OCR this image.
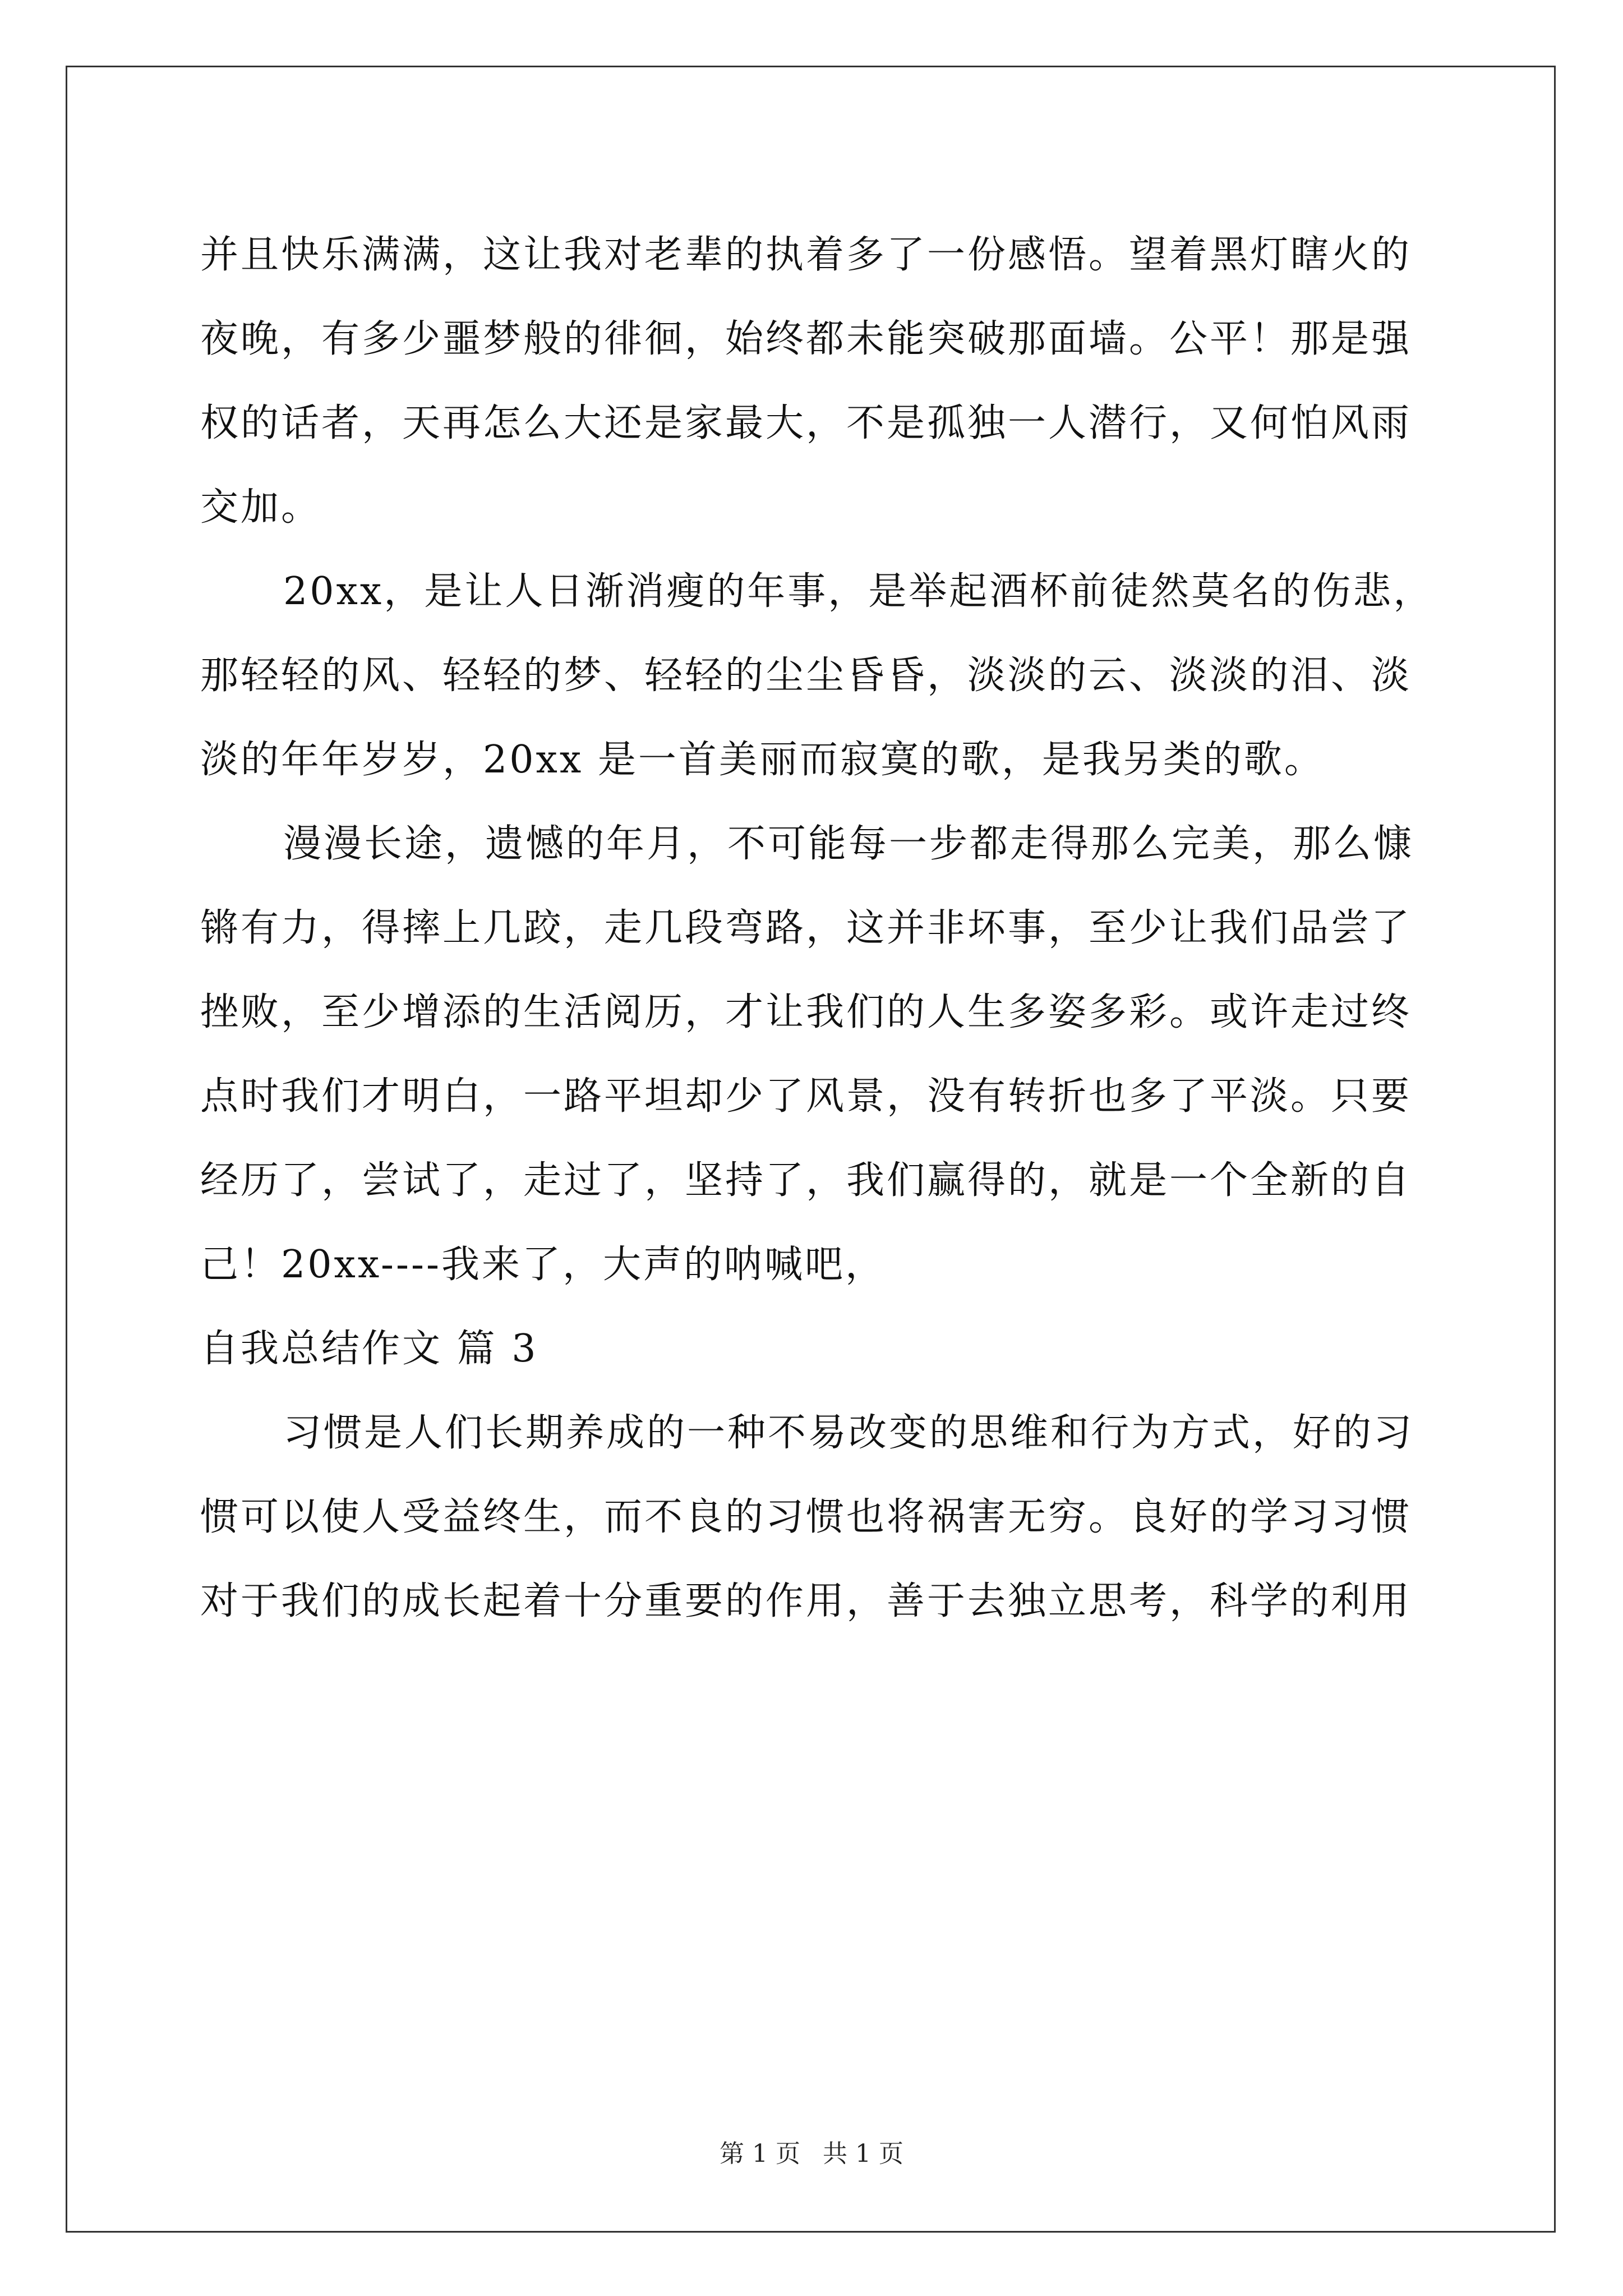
并且快乐满满，这让我对老辈的执着多了一份感悟。望着黑灯瞎火的
夜晚，有多少噩梦般的徘徊，始终都未能突破那面墙。公平！那是强
权的话者，天再怎么大还是家最大，不是孤独一人潜行，又何怕风雨
交加。
20xx，是让人日渐消瘦的年事，是举起酒杯前徒然莫名的伤悲，
那轻轻的风、轻轻的梦、轻轻的尘尘昏昏，淡淡的云、淡淡的泪、淡
淡的年年岁岁，20xx 是一首美丽而寂寞的歌，是我另类的歌。
漫漫长途，遗憾的年月，不可能每一步都走得那么完美，那么慷
锵有力，得摔上几跤，走几段弯路，这并非坏事，至少让我们品尝了
挫败，至少增添的生活阅历，才让我们的人生多姿多彩。或许走过终
点时我们才明白，一路平坦却少了风景，没有转折也多了平淡。只要
经历了，尝试了，走过了，坚持了，我们赢得的，就是一个全新的自
己！20xx----我来了，大声的呐喊吧，
自我总结作文 篇 3
习惯是人们长期养成的一种不易改变的思维和行为方式，好的习
惯可以使人受益终生，而不良的习惯也将祸害无穷。良好的学习习惯
对于我们的成长起着十分重要的作用，善于去独立思考，科学的利用
第 1 页 共 1 页
